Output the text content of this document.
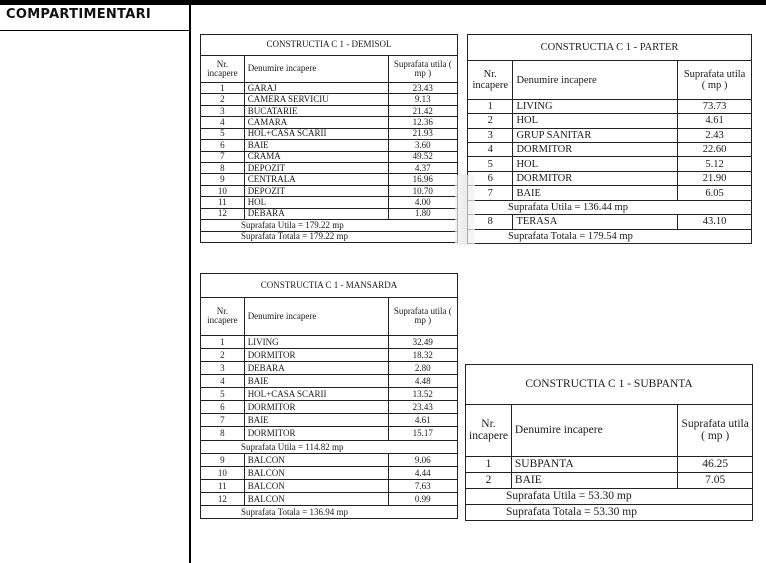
COMPARTIMENTARI
CONSTRUCTIA C 1 - DEMISOL		
Nr. incapere	Denumire incapere	Suprafata utila ( mp )
1	GARAJ	23.43
2	CAMERA SERVICIU	9.13
3	BUCATARIE	21.42
4	CAMARA	12.36
5	HOL+CASA SCARII	21.93
6	BAIE	3.60
7	CRAMA	49.52
8	DEPOZIT	4.37
9	CENTRALA	16.96
10	DEPOZIT	10.70
11	HOL	4.00
12	DEBARA	1.80
Suprafata Utila = 179.22 mp		
Suprafata Totala = 179.22 mp		
CONSTRUCTIA C 1 - PARTER		
Nr. incapere	Denumire incapere	Suprafata utila ( mp )
1	LIVING	73.73
2	HOL	4.61
3	GRUP SANITAR	2.43
4	DORMITOR	22.60
5	HOL	5.12
6	DORMITOR	21.90
7	BAIE	6.05
Suprafata Utila = 136.44 mp		
8	TERASA	43.10
Suprafata Totala = 179.54 mp		
CONSTRUCTIA C 1 - MANSARDA		
Nr. incapere	Denumire incapere	Suprafata utila ( mp )
1	LIVING	32.49
2	DORMITOR	18.32
3	DEBARA	2.80
4	BAIE	4.48
5	HOL+CASA SCARII	13.52
6	DORMITOR	23.43
7	BAIE	4.61
8	DORMITOR	15.17
Suprafata Utila = 114.82 mp		
9	BALCON	9.06
10	BALCON	4.44
11	BALCON	7.63
12	BALCON	0.99
Suprafata Totala = 136.94 mp		
CONSTRUCTIA C 1 - SUBPANTA		
Nr. incapere	Denumire incapere	Suprafata utila ( mp )
1	SUBPANTA	46.25
2	BAIE	7.05
Suprafata Utila = 53.30 mp		
Suprafata Totala = 53.30 mp		
